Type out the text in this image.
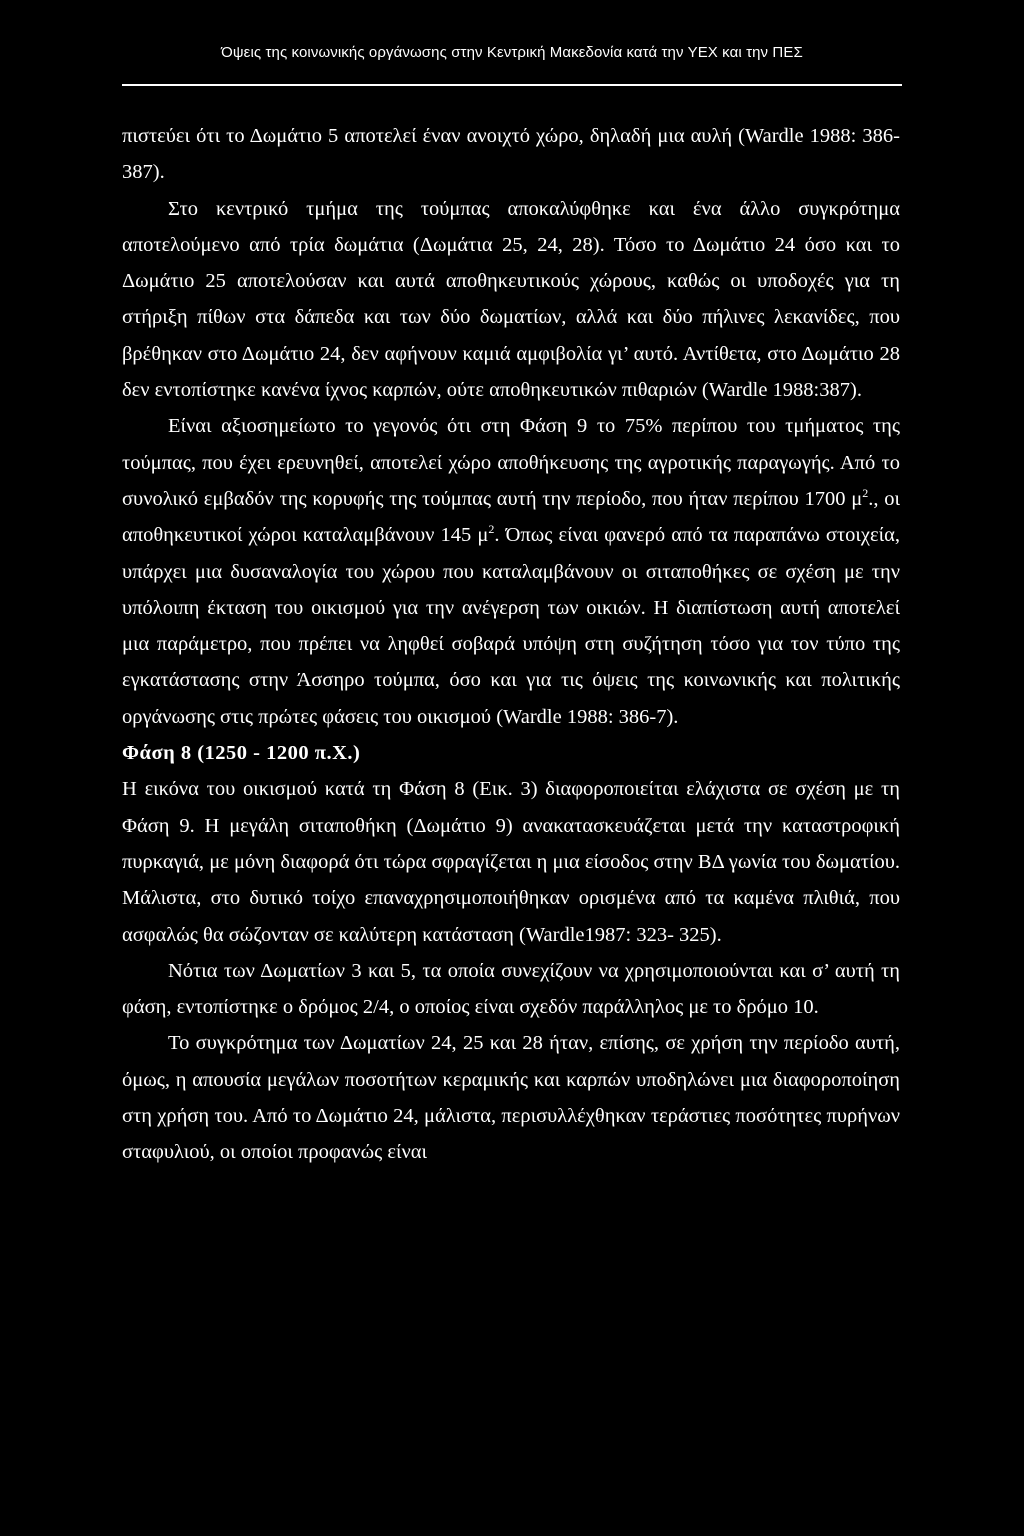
Όψεις της κοινωνικής οργάνωσης στην Κεντρική Μακεδονία κατά την ΥΕΧ και την ΠΕΣ

πιστεύει ότι το Δωμάτιο 5 αποτελεί έναν ανοιχτό χώρο, δηλαδή μια αυλή (Wardle 1988: 386-387).

Στο κεντρικό τμήμα της τούμπας αποκαλύφθηκε και ένα άλλο συγκρότημα αποτελούμενο από τρία δωμάτια (Δωμάτια 25, 24, 28). Τόσο το Δωμάτιο 24 όσο και το Δωμάτιο 25 αποτελούσαν και αυτά αποθηκευτικούς χώρους, καθώς οι υποδοχές για τη στήριξη πίθων στα δάπεδα και των δύο δωματίων, αλλά και δύο πήλινες λεκανίδες, που βρέθηκαν στο Δωμάτιο 24, δεν αφήνουν καμιά αμφιβολία γι’ αυτό. Αντίθετα, στο Δωμάτιο 28 δεν εντοπίστηκε κανένα ίχνος καρπών, ούτε αποθηκευτικών πιθαριών (Wardle 1988:387).

Είναι αξιοσημείωτο το γεγονός ότι στη Φάση 9 το 75% περίπου του τμήματος της τούμπας, που έχει ερευνηθεί, αποτελεί χώρο αποθήκευσης της αγροτικής παραγωγής. Από το συνολικό εμβαδόν της κορυφής της τούμπας αυτή την περίοδο, που ήταν περίπου 1700 $\mu^2$., οι αποθηκευτικοί χώροι καταλαμβάνουν 145 $\mu^2$. Όπως είναι φανερό από τα παραπάνω στοιχεία, υπάρχει μια δυσαναλογία του χώρου που καταλαμβάνουν οι σιταποθήκες σε σχέση με την υπόλοιπη έκταση του οικισμού για την ανέγερση των οικιών. Η διαπίστωση αυτή αποτελεί μια παράμετρο, που πρέπει να ληφθεί σοβαρά υπόψη στη συζήτηση τόσο για τον τύπο της εγκατάστασης στην Άσσηρο τούμπα, όσο και για τις όψεις της κοινωνικής και πολιτικής οργάνωσης στις πρώτες φάσεις του οικισμού (Wardle 1988: 386-7).

Φάση 8 (1250 - 1200 π.Χ.)

Η εικόνα του οικισμού κατά τη Φάση 8 (Εικ. 3) διαφοροποιείται ελάχιστα σε σχέση με τη Φάση 9. Η μεγάλη σιταποθήκη (Δωμάτιο 9) ανακατασκευάζεται μετά την καταστροφική πυρκαγιά, με μόνη διαφορά ότι τώρα σφραγίζεται η μια είσοδος στην ΒΔ γωνία του δωματίου. Μάλιστα, στο δυτικό τοίχο επαναχρησιμοποιήθηκαν ορισμένα από τα καμένα πλιθιά, που ασφαλώς θα σώζονταν σε καλύτερη κατάσταση (Wardle1987: 323- 325).

Νότια των Δωματίων 3 και 5, τα οποία συνεχίζουν να χρησιμοποιούνται και σ’ αυτή τη φάση, εντοπίστηκε ο δρόμος 2/4, ο οποίος είναι σχεδόν παράλληλος με το δρόμο 10.

Το συγκρότημα των Δωματίων 24, 25 και 28 ήταν, επίσης, σε χρήση την περίοδο αυτή, όμως, η απουσία μεγάλων ποσοτήτων κεραμικής και καρπών υποδηλώνει μια διαφοροποίηση στη χρήση του. Από το Δωμάτιο 24, μάλιστα, περισυλλέχθηκαν τεράστιες ποσότητες πυρήνων σταφυλιού, οι οποίοι προφανώς είναι
